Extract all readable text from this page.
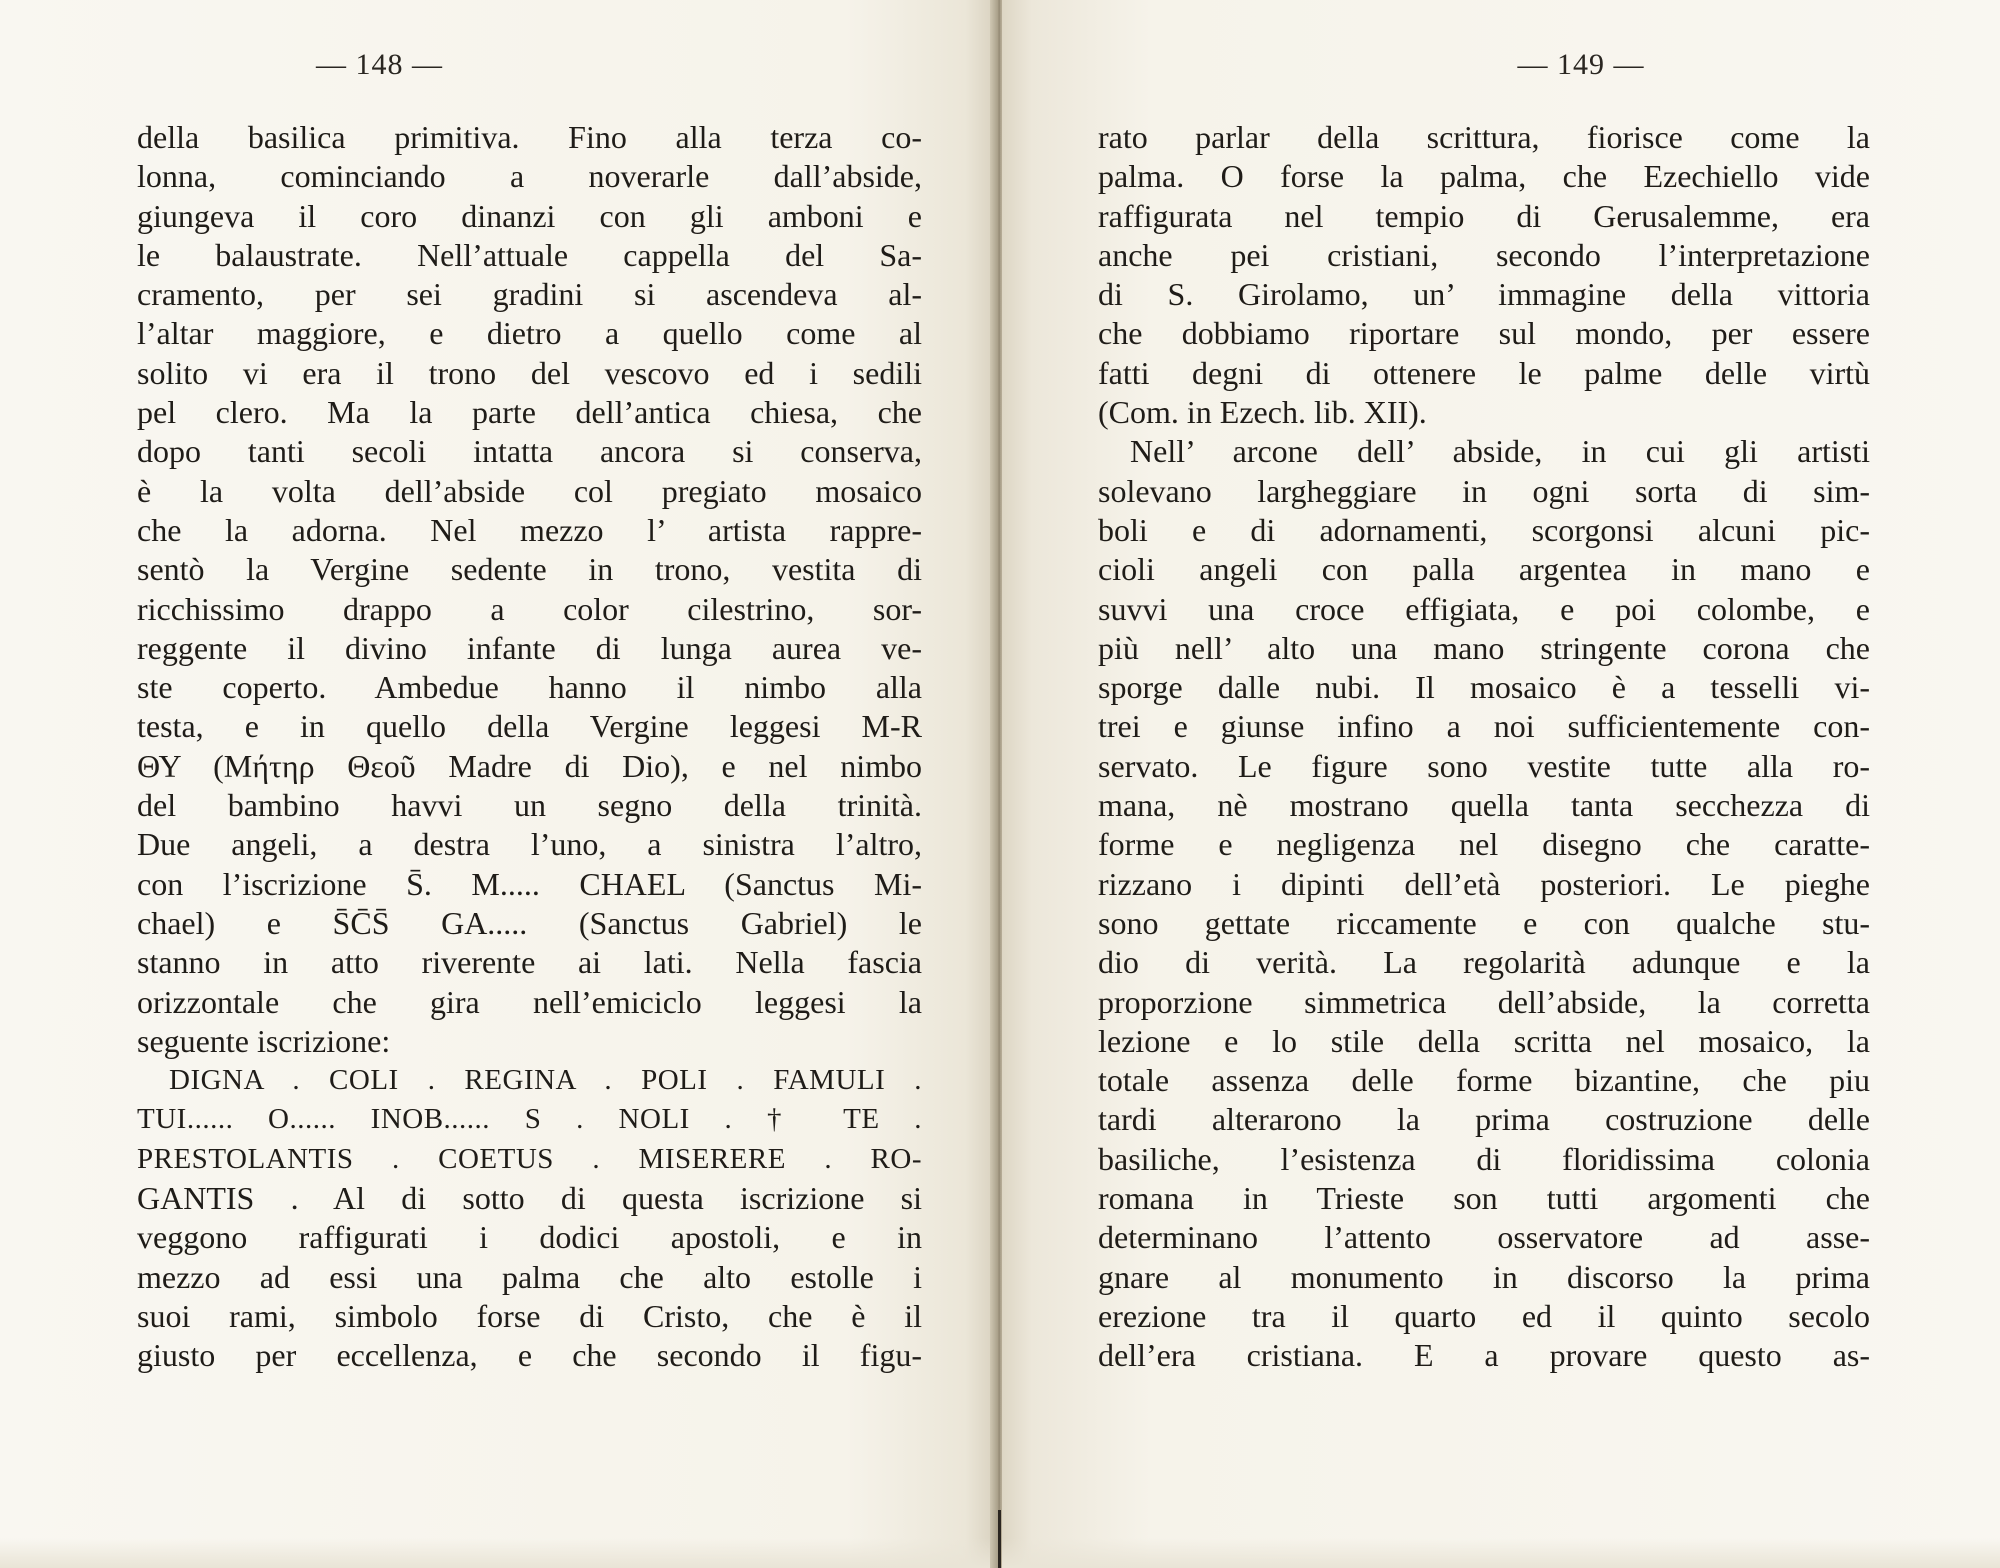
— 148 —
della basilica primitiva. Fino alla terza co-
lonna, cominciando a noverarle dall’abside,
giungeva il coro dinanzi con gli amboni e
le balaustrate. Nell’attuale cappella del Sa-
cramento, per sei gradini si ascendeva al-
l’altar maggiore, e dietro a quello come al
solito vi era il trono del vescovo ed i sedili
pel clero. Ma la parte dell’antica chiesa, che
dopo tanti secoli intatta ancora si conserva,
è la volta dell’abside col pregiato mosaico
che la adorna. Nel mezzo l’ artista rappre-
sentò la Vergine sedente in trono, vestita di
ricchissimo drappo a color cilestrino, sor-
reggente il divino infante di lunga aurea ve-
ste coperto. Ambedue hanno il nimbo alla
testa, e in quello della Vergine leggesi M-R
ΘΥ (Μήτηρ Θεοῦ Madre di Dio), e nel nimbo
del bambino havvi un segno della trinità.
Due angeli, a destra l’uno, a sinistra l’altro,
con l’iscrizione S̄. M..... CHAEL (Sanctus Mi-
chael) e S̄C̄S̄ GA..... (Sanctus Gabriel) le
stanno in atto riverente ai lati. Nella fascia
orizzontale che gira nell’emiciclo leggesi la
seguente iscrizione:
DIGNA . COLI . REGINA . POLI . FAMULI .
TUI...... O...... INOB...... S . NOLI . † TE .
PRESTOLANTIS . COETUS . MISERERE . RO-
GANTIS . Al di sotto di questa iscrizione si
veggono raffigurati i dodici apostoli, e in
mezzo ad essi una palma che alto estolle i
suoi rami, simbolo forse di Cristo, che è il
giusto per eccellenza, e che secondo il figu-
— 149 —
rato parlar della scrittura, fiorisce come la
palma. O forse la palma, che Ezechiello vide
raffigurata nel tempio di Gerusalemme, era
anche pei cristiani, secondo l’interpretazione
di S. Girolamo, un’ immagine della vittoria
che dobbiamo riportare sul mondo, per essere
fatti degni di ottenere le palme delle virtù
(Com. in Ezech. lib. XII).
Nell’ arcone dell’ abside, in cui gli artisti
solevano largheggiare in ogni sorta di sim-
boli e di adornamenti, scorgonsi alcuni pic-
cioli angeli con palla argentea in mano e
suvvi una croce effigiata, e poi colombe, e
più nell’ alto una mano stringente corona che
sporge dalle nubi. Il mosaico è a tesselli vi-
trei e giunse infino a noi sufficientemente con-
servato. Le figure sono vestite tutte alla ro-
mana, nè mostrano quella tanta secchezza di
forme e negligenza nel disegno che caratte-
rizzano i dipinti dell’età posteriori. Le pieghe
sono gettate riccamente e con qualche stu-
dio di verità. La regolarità adunque e la
proporzione simmetrica dell’abside, la corretta
lezione e lo stile della scritta nel mosaico, la
totale assenza delle forme bizantine, che piu
tardi alterarono la prima costruzione delle
basiliche, l’esistenza di floridissima colonia
romana in Trieste son tutti argomenti che
determinano l’attento osservatore ad asse-
gnare al monumento in discorso la prima
erezione tra il quarto ed il quinto secolo
dell’era cristiana. E a provare questo as-
